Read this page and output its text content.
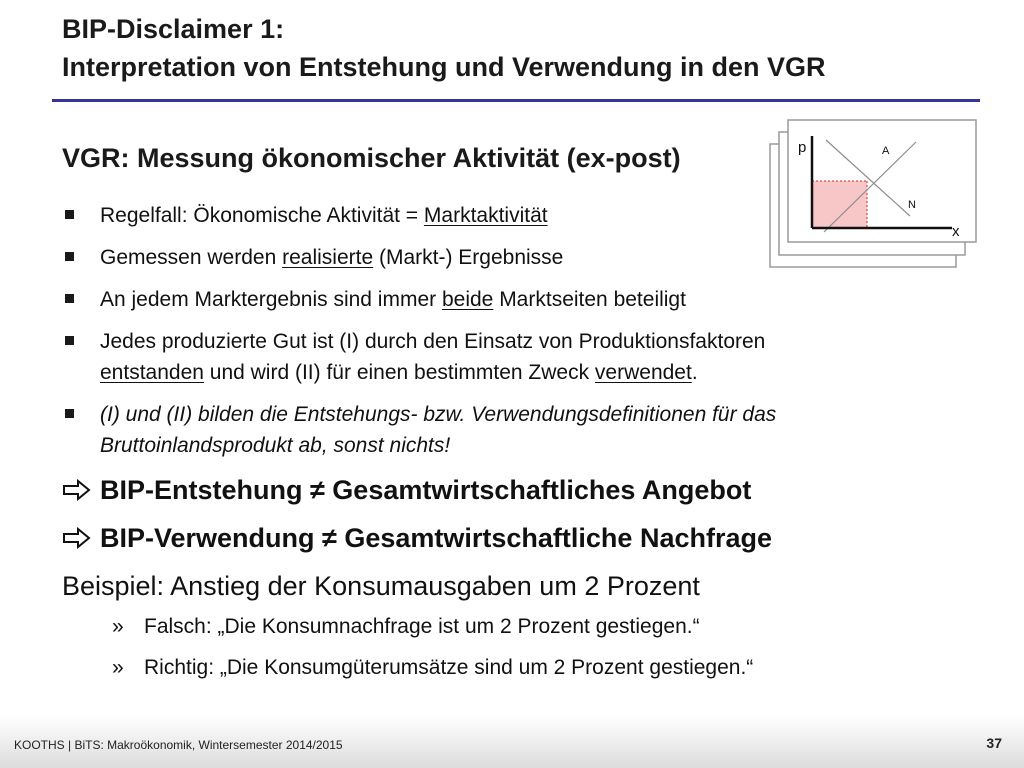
BIP-Disclaimer 1:
Interpretation von Entstehung und Verwendung in den VGR
VGR: Messung ökonomischer Aktivität (ex-post)	p
x
A
N
Regelfall: Ökonomische Aktivität = Marktaktivität
Gemessen werden realisierte (Markt-) Ergebnisse
An jedem Marktergebnis sind immer beide Marktseiten beteiligt
Jedes produzierte Gut ist (I) durch den Einsatz von Produktionsfaktoren
entstanden und wird (II) für einen bestimmten Zweck verwendet.
(I) und (II) bilden die Entstehungs- bzw. Verwendungsdefinitionen für das
Bruttoinlandsprodukt ab, sonst nichts!
BIP-Entstehung ≠ Gesamtwirtschaftliches Angebot
BIP-Verwendung ≠ Gesamtwirtschaftliche Nachfrage
Beispiel: Anstieg der Konsumausgaben um 2 Prozent
» Falsch: „Die Konsumnachfrage ist um 2 Prozent gestiegen.“
» Richtig: „Die Konsumgüterumsätze sind um 2 Prozent gestiegen.“
KOOTHS | BiTS: Makroökonomik, Wintersemester 2014/2015	37
